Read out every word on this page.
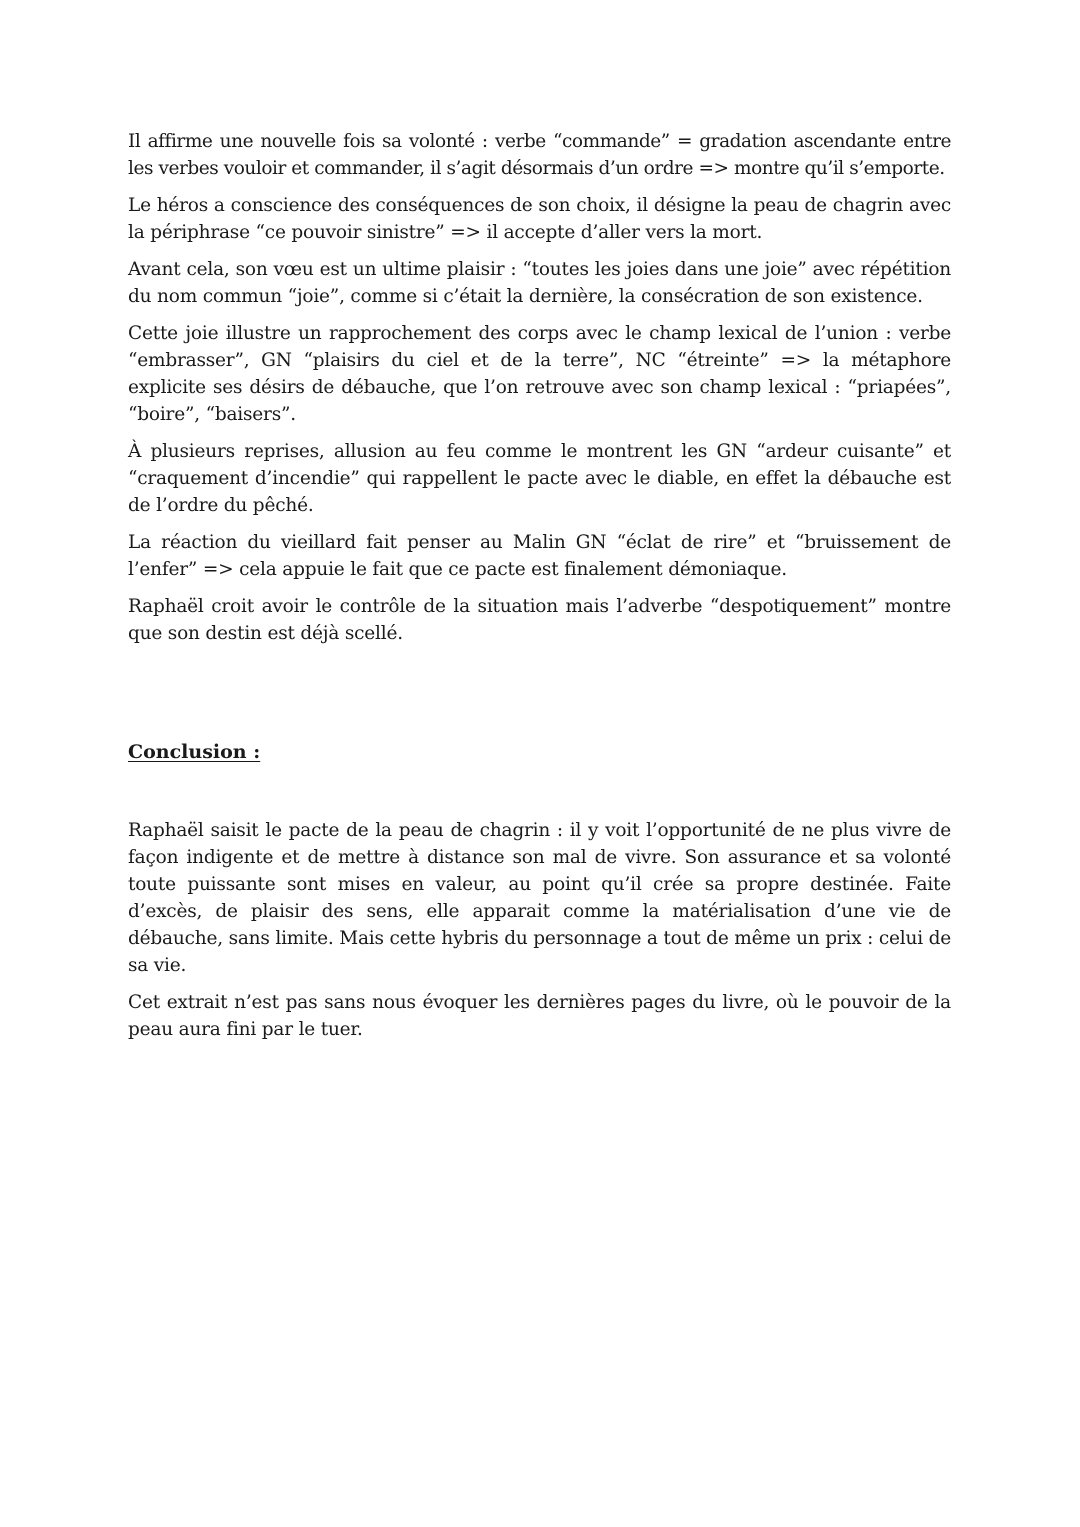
Il affirme une nouvelle fois sa volonté : verbe “commande” = gradation ascendante entre les verbes vouloir et commander, il s’agit désormais d’un ordre => montre qu’il s’emporte.

Le héros a conscience des conséquences de son choix, il désigne la peau de chagrin avec la périphrase “ce pouvoir sinistre” => il accepte d’aller vers la mort.

Avant cela, son vœu est un ultime plaisir : “toutes les joies dans une joie” avec répétition du nom commun “joie”, comme si c’était la dernière, la consécration de son existence.

Cette joie illustre un rapprochement des corps avec le champ lexical de l’union : verbe “embrasser”, GN “plaisirs du ciel et de la terre”, NC “étreinte” => la métaphore explicite ses désirs de débauche, que l’on retrouve avec son champ lexical : “priapées”, “boire”, “baisers”.

À plusieurs reprises, allusion au feu comme le montrent les GN “ardeur cuisante” et “craquement d’incendie” qui rappellent le pacte avec le diable, en effet la débauche est de l’ordre du pêché.

La réaction du vieillard fait penser au Malin GN “éclat de rire” et “bruissement de l’enfer” => cela appuie le fait que ce pacte est finalement démoniaque.

Raphaël croit avoir le contrôle de la situation mais l’adverbe “despotiquement” montre que son destin est déjà scellé.

Conclusion :

Raphaël saisit le pacte de la peau de chagrin : il y voit l’opportunité de ne plus vivre de façon indigente et de mettre à distance son mal de vivre. Son assurance et sa volonté toute puissante sont mises en valeur, au point qu’il crée sa propre destinée. Faite d’excès, de plaisir des sens, elle apparait comme la matérialisation d’une vie de débauche, sans limite. Mais cette hybris du personnage a tout de même un prix : celui de sa vie.

Cet extrait n’est pas sans nous évoquer les dernières pages du livre, où le pouvoir de la peau aura fini par le tuer.
